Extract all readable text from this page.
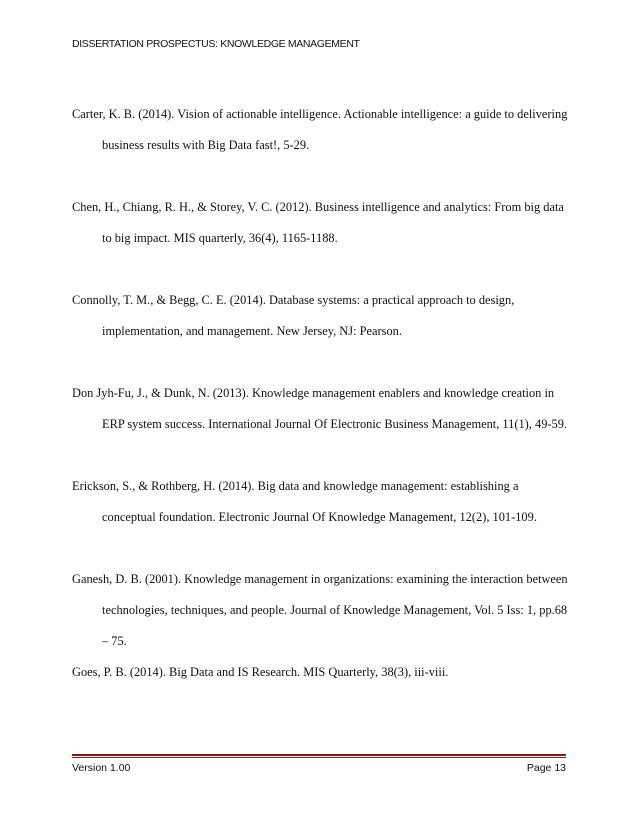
DISSERTATION PROSPECTUS: KNOWLEDGE MANAGEMENT

Carter, K. B. (2014). Vision of actionable intelligence. Actionable intelligence: a guide to delivering business results with Big Data fast!, 5-29.

Chen, H., Chiang, R. H., & Storey, V. C. (2012). Business intelligence and analytics: From big data to big impact. MIS quarterly, 36(4), 1165-1188.

Connolly, T. M., & Begg, C. E. (2014). Database systems: a practical approach to design, implementation, and management. New Jersey, NJ: Pearson.

Don Jyh-Fu, J., & Dunk, N. (2013). Knowledge management enablers and knowledge creation in ERP system success. International Journal Of Electronic Business Management, 11(1), 49-59.

Erickson, S., & Rothberg, H. (2014). Big data and knowledge management: establishing a conceptual foundation. Electronic Journal Of Knowledge Management, 12(2), 101-109.

Ganesh, D. B. (2001). Knowledge management in organizations: examining the interaction between technologies, techniques, and people. Journal of Knowledge Management, Vol. 5 Iss: 1, pp.68 – 75.

Goes, P. B. (2014). Big Data and IS Research. MIS Quarterly, 38(3), iii-viii.

Version 1.00	Page 13
